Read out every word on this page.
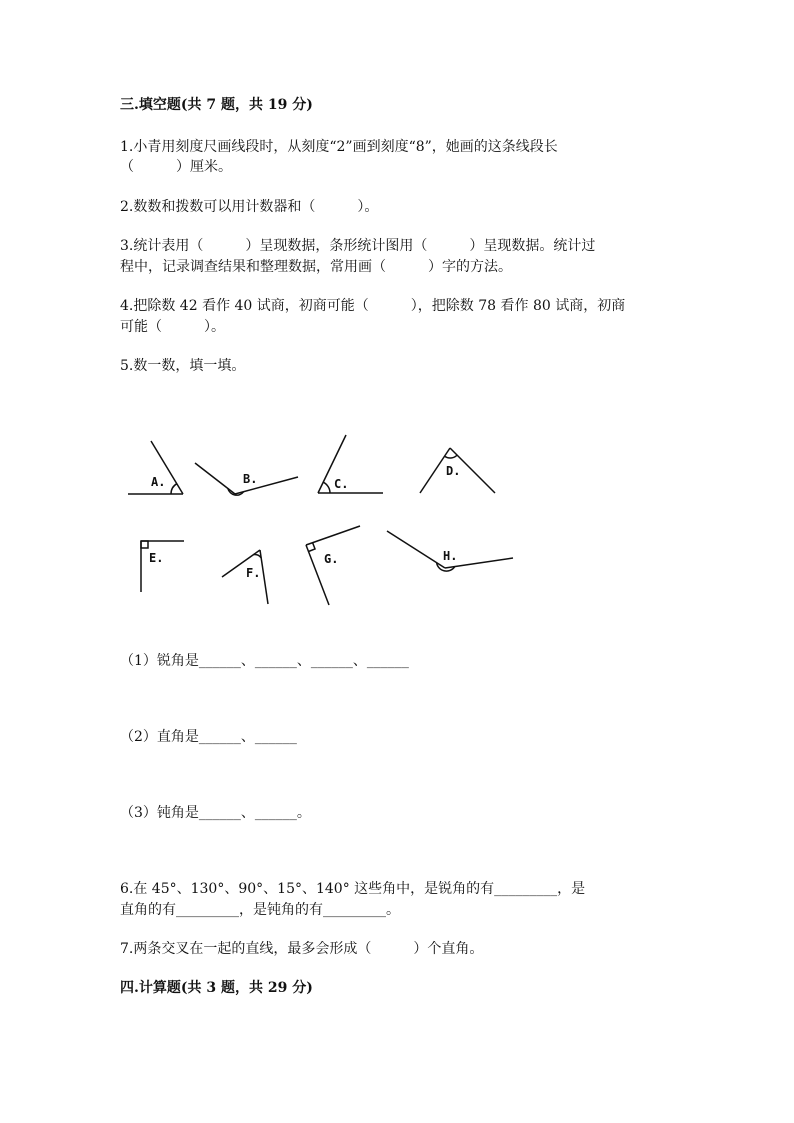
三.填空题(共 7 题，共 19 分)
1.小青用刻度尺画线段时，从刻度“2”画到刻度“8”，她画的这条线段长
（　　　）厘米。
2.数数和拨数可以用计数器和（　　　）。
3.统计表用（　　　）呈现数据，条形统计图用（　　　）呈现数据。统计过
程中，记录调查结果和整理数据，常用画（　　　）字的方法。
4.把除数 42 看作 40 试商，初商可能（　　　），把除数 78 看作 80 试商，初商
可能（　　　）。
5.数一数，填一填。
A.	B.	C.
D.
E.
F.
G.	H.
（1）锐角是______、______、______、______
（2）直角是______、______
（3）钝角是______、______。
6.在 45°、130°、90°、15°、140° 这些角中，是锐角的有_________，是
直角的有_________，是钝角的有_________。
7.两条交叉在一起的直线，最多会形成（　　　）个直角。
四.计算题(共 3 题，共 29 分)
